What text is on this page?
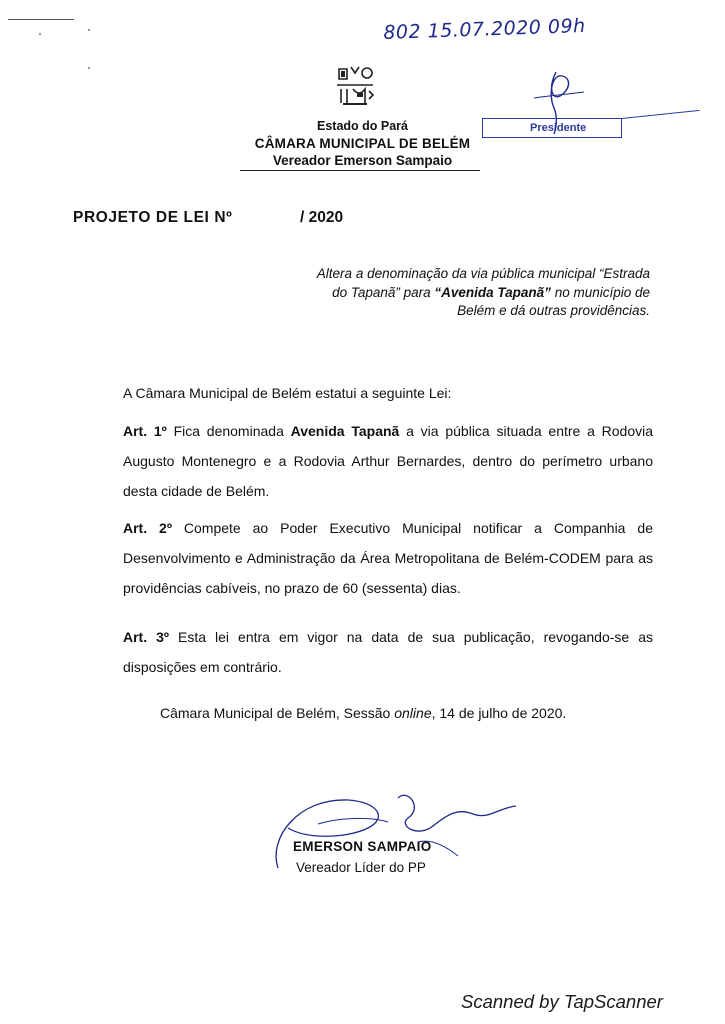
802 15.07.2020 09h
Estado do Pará
CÂMARA MUNICIPAL DE BELÉM
Vereador Emerson Sampaio
Presidente
PROJETO DE LEI Nº	/ 2020
Altera a denominação da via pública municipal “Estrada do Tapanã” para “Avenida Tapanã” no município de Belém e dá outras providências.
A Câmara Municipal de Belém estatui a seguinte Lei:
Art. 1º Fica denominada Avenida Tapanã a via pública situada entre a Rodovia Augusto Montenegro e a Rodovia Arthur Bernardes, dentro do perímetro urbano desta cidade de Belém.
Art. 2º Compete ao Poder Executivo Municipal notificar a Companhia de Desenvolvimento e Administração da Área Metropolitana de Belém-CODEM para as providências cabíveis, no prazo de 60 (sessenta) dias.
Art. 3º Esta lei entra em vigor na data de sua publicação, revogando-se as disposições em contrário.
Câmara Municipal de Belém, Sessão online, 14 de julho de 2020.
EMERSON SAMPAIO
Vereador Líder do PP
Scanned by TapScanner
